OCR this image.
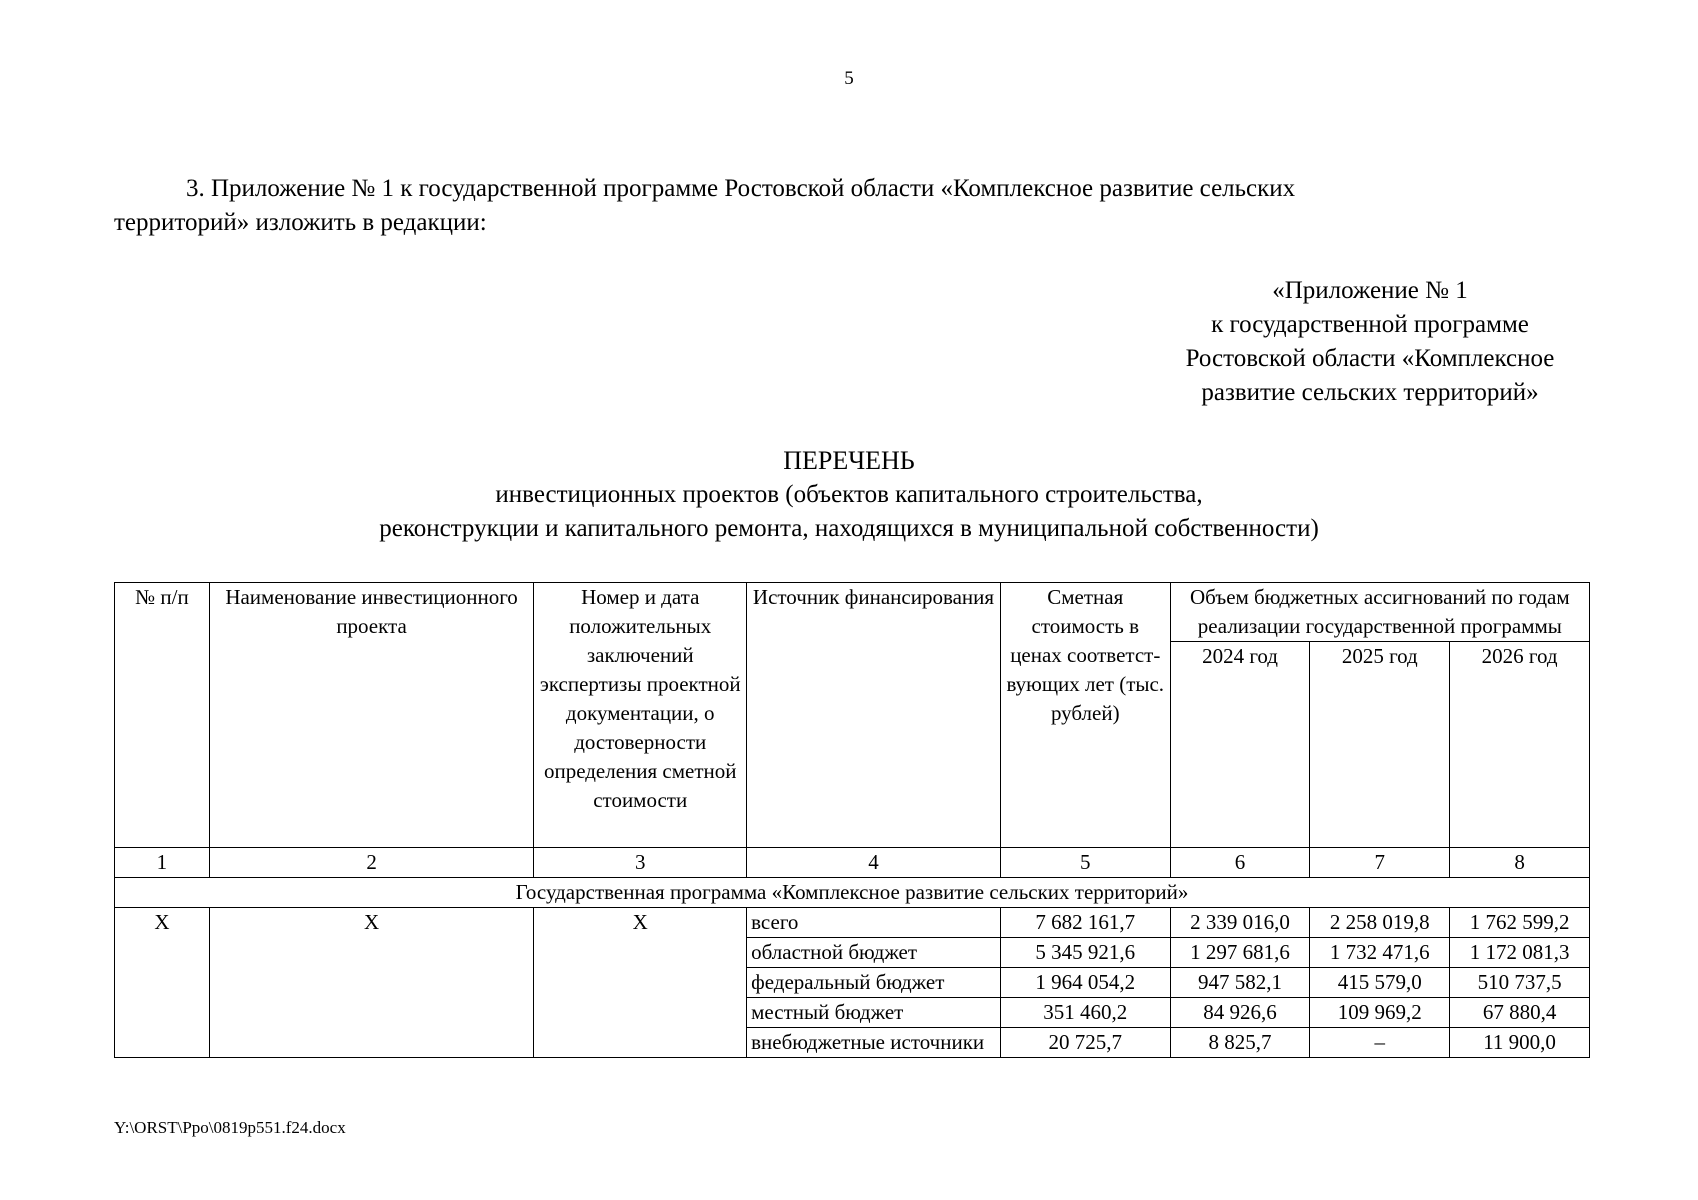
5
3. Приложение № 1 к государственной программе Ростовской области «Комплексное развитие сельских
территорий» изложить в редакции:
«Приложение № 1
к государственной программе
Ростовской области «Комплексное
развитие сельских территорий»
ПЕРЕЧЕНЬ
инвестиционных проектов (объектов капитального строительства,
реконструкции и капитального ремонта, находящихся в муниципальной собственности)
№ п/п	Наименование инвестиционного проекта	Номер и дата положительных заключений экспертизы проектной документации, о достоверности определения сметной стоимости	Источник финансирования	Сметная стоимость в ценах соответст-вующих лет (тыс. рублей)	Объем бюджетных ассигнований по годам реализации государственной программы		
					2024 год	2025 год	2026 год
1	2	3	4	5	6	7	8
Государственная программа «Комплексное развитие сельских территорий»							
X	X	X	всего	7 682 161,7	2 339 016,0	2 258 019,8	1 762 599,2
			областной бюджет	5 345 921,6	1 297 681,6	1 732 471,6	1 172 081,3
			федеральный бюджет	1 964 054,2	947 582,1	415 579,0	510 737,5
			местный бюджет	351 460,2	84 926,6	109 969,2	67 880,4
			внебюджетные источники	20 725,7	8 825,7	–	11 900,0
Y:\ORST\Ppo\0819p551.f24.docx
